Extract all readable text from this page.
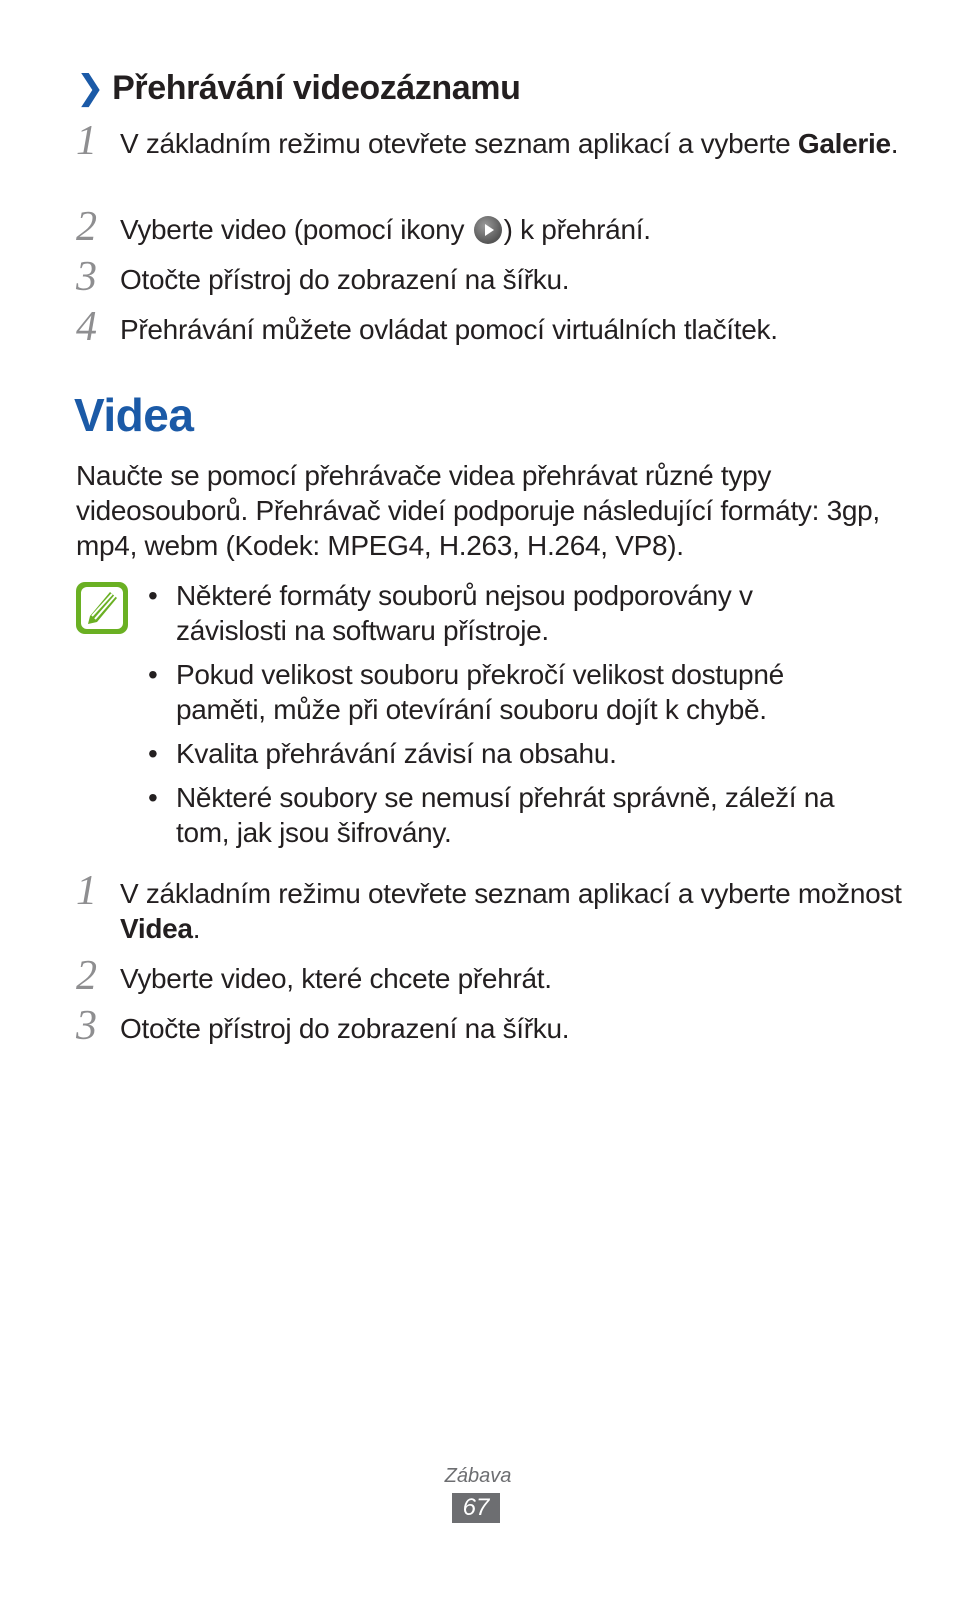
❯ Přehrávání videozáznamu
1 V základním režimu otevřete seznam aplikací a vyberte Galerie.
2 Vyberte video (pomocí ikony ) k přehrání.
3 Otočte přístroj do zobrazení na šířku.
4 Přehrávání můžete ovládat pomocí virtuálních tlačítek.
Videa
Naučte se pomocí přehrávače videa přehrávat různé typy videosouborů. Přehrávač videí podporuje následující formáty: 3gp, mp4, webm (Kodek: MPEG4, H.263, H.264, VP8).
• Některé formáty souborů nejsou podporovány v závislosti na softwaru přístroje.
• Pokud velikost souboru překročí velikost dostupné paměti, může při otevírání souboru dojít k chybě.
• Kvalita přehrávání závisí na obsahu.
• Některé soubory se nemusí přehrát správně, záleží na tom, jak jsou šifrovány.
1 V základním režimu otevřete seznam aplikací a vyberte možnost Videa.
2 Vyberte video, které chcete přehrát.
3 Otočte přístroj do zobrazení na šířku.
Zábava
67
